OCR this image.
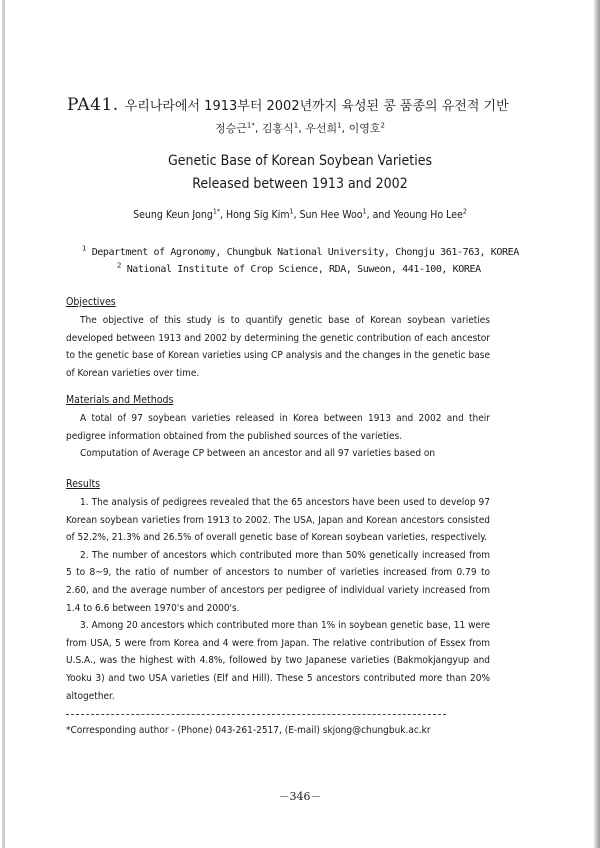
PA41. 우리나라에서 1913부터 2002년까지 육성된 콩 품종의 유전적 기반
정승근$^{1*}$, 김홍식$^1$, 우선희$^1$, 이영호$^2$
Genetic Base of Korean Soybean Varieties
Released between 1913 and 2002
Seung Keun Jong$^{1*}$, Hong Sig Kim$^1$, Sun Hee Woo$^1$, and Yeoung Ho Lee$^2$
$^1$ Department of Agronomy, Chungbuk National University, Chongju 361-763, KOREA
$^2$ National Institute of Crop Science, RDA, Suweon, 441-100, KOREA
Objectives

The objective of this study is to quantify genetic base of Korean soybean varieties developed between 1913 and 2002 by determining the genetic contribution of each ancestor to the genetic base of Korean varieties using CP analysis and the changes in the genetic base of Korean varieties over time.

Materials and Methods

A total of 97 soybean varieties released in Korea between 1913 and 2002 and their pedigree information obtained from the published sources of the varieties.

Computation of Average CP between an ancestor and all 97 varieties based on

Results

1. The analysis of pedigrees revealed that the 65 ancestors have been used to develop 97 Korean soybean varieties from 1913 to 2002. The USA, Japan and Korean ancestors consisted of 52.2%, 21.3% and 26.5% of overall genetic base of Korean soybean varieties, respectively.

2. The number of ancestors which contributed more than 50% genetically increased from 5 to 8∼9, the ratio of number of ancestors to number of varieties increased from 0.79 to 2.60, and the average number of ancestors per pedigree of individual variety increased from 1.4 to 6.6 between 1970's and 2000's.

3. Among 20 ancestors which contributed more than 1% in soybean genetic base, 11 were from USA, 5 were from Korea and 4 were from Japan. The relative contribution of Essex from U.S.A., was the highest with 4.8%, followed by two Japanese varieties (Bakmokjangyup and Yooku 3) and two USA varieties (Elf and Hill). These 5 ancestors contributed more than 20% altogether.

*Corresponding author - (Phone) 043-261-2517, (E-mail) skjong@chungbuk.ac.kr
－346－
